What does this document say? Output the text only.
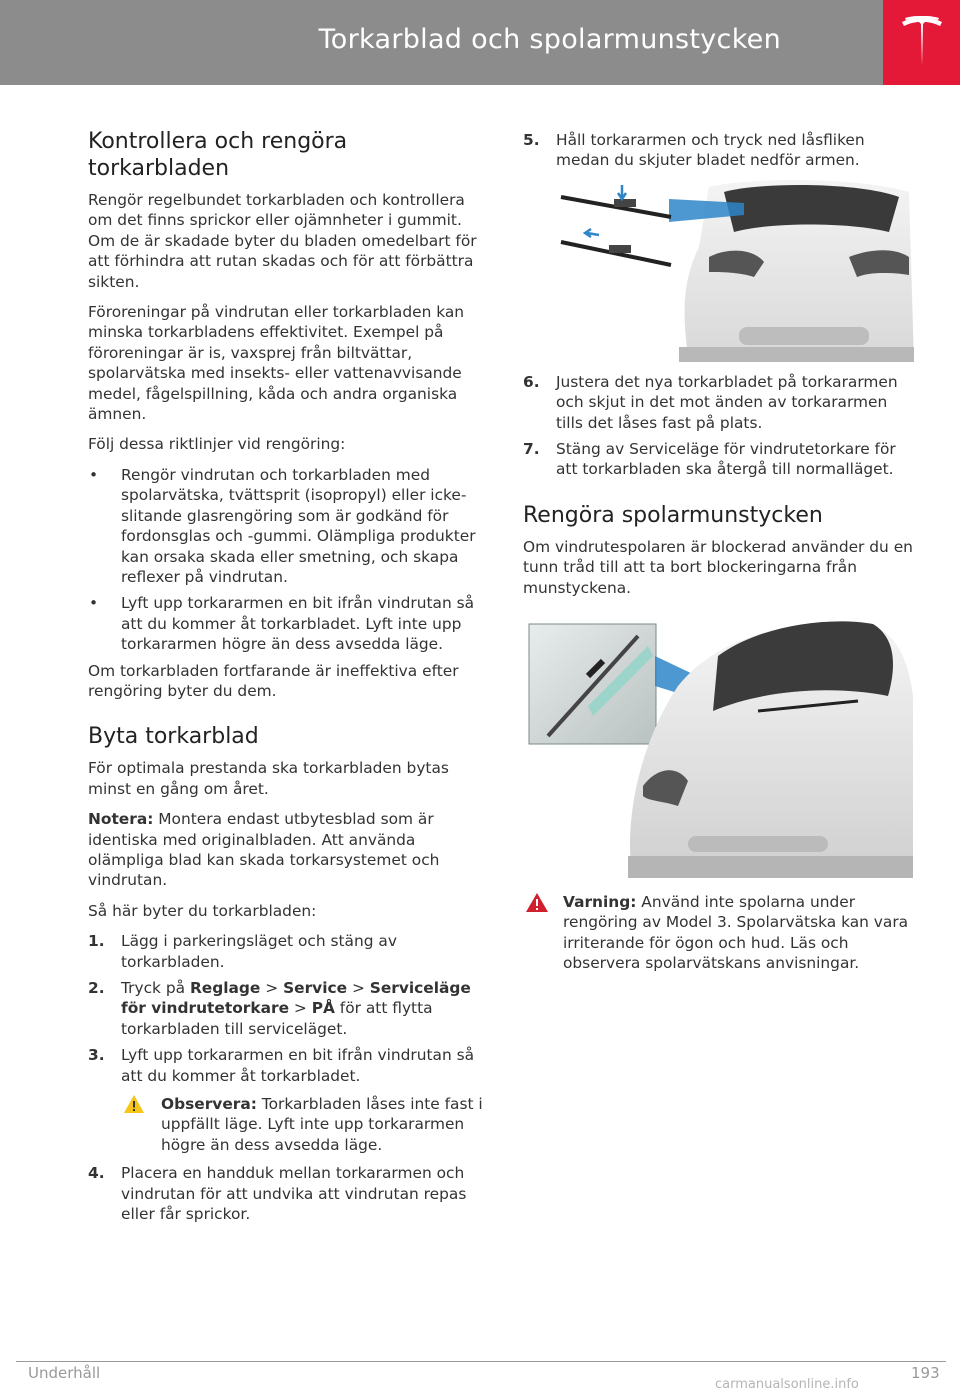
Torkarblad och spolarmunstycken
Kontrollera och rengöra torkarbladen

Rengör regelbundet torkarbladen och kontrollera om det finns sprickor eller ojämnheter i gummit. Om de är skadade byter du bladen omedelbart för att förhindra att rutan skadas och för att förbättra sikten.

Föroreningar på vindrutan eller torkarbladen kan minska torkarbladens effektivitet. Exempel på föroreningar är is, vaxsprej från biltvättar, spolarvätska med insekts- eller vattenavvisande medel, fågelspillning, kåda och andra organiska ämnen.

Följ dessa riktlinjer vid rengöring:

• Rengör vindrutan och torkarbladen med spolarvätska, tvättsprit (isopropyl) eller icke-slitande glasrengöring som är godkänd för fordonsglas och -gummi. Olämpliga produkter kan orsaka skada eller smetning, och skapa reflexer på vindrutan.
• Lyft upp torkararmen en bit ifrån vindrutan så att du kommer åt torkarbladet. Lyft inte upp torkararmen högre än dess avsedda läge.

Om torkarbladen fortfarande är ineffektiva efter rengöring byter du dem.

Byta torkarblad

För optimala prestanda ska torkarbladen bytas minst en gång om året.

Notera: Montera endast utbytesblad som är identiska med originalbladen. Att använda olämpliga blad kan skada torkarsystemet och vindrutan.

Så här byter du torkarbladen:

1. Lägg i parkeringsläget och stäng av torkarbladen.
2. Tryck på Reglage > Service > Serviceläge för vindrutetorkare > PÅ för att flytta torkarbladen till serviceläget.
3. Lyft upp torkararmen en bit ifrån vindrutan så att du kommer åt torkarbladet.
Observera: Torkarbladen låses inte fast i uppfällt läge. Lyft inte upp torkararmen högre än dess avsedda läge.
4. Placera en handduk mellan torkararmen och vindrutan för att undvika att vindrutan repas eller får sprickor.
5. Håll torkararmen och tryck ned låsfliken medan du skjuter bladet nedför armen.
6. Justera det nya torkarbladet på torkararmen och skjut in det mot änden av torkararmen tills det låses fast på plats.
7. Stäng av Serviceläge för vindrutetorkare för att torkarbladen ska återgå till normalläget.
Rengöra spolarmunstycken

Om vindrutespolaren är blockerad använder du en tunn tråd till att ta bort blockeringarna från munstyckena.

Varning: Använd inte spolarna under rengöring av Model 3. Spolarvätska kan vara irriterande för ögon och hud. Läs och observera spolarvätskans anvisningar.
Underhåll	193
carmanualsonline.info
